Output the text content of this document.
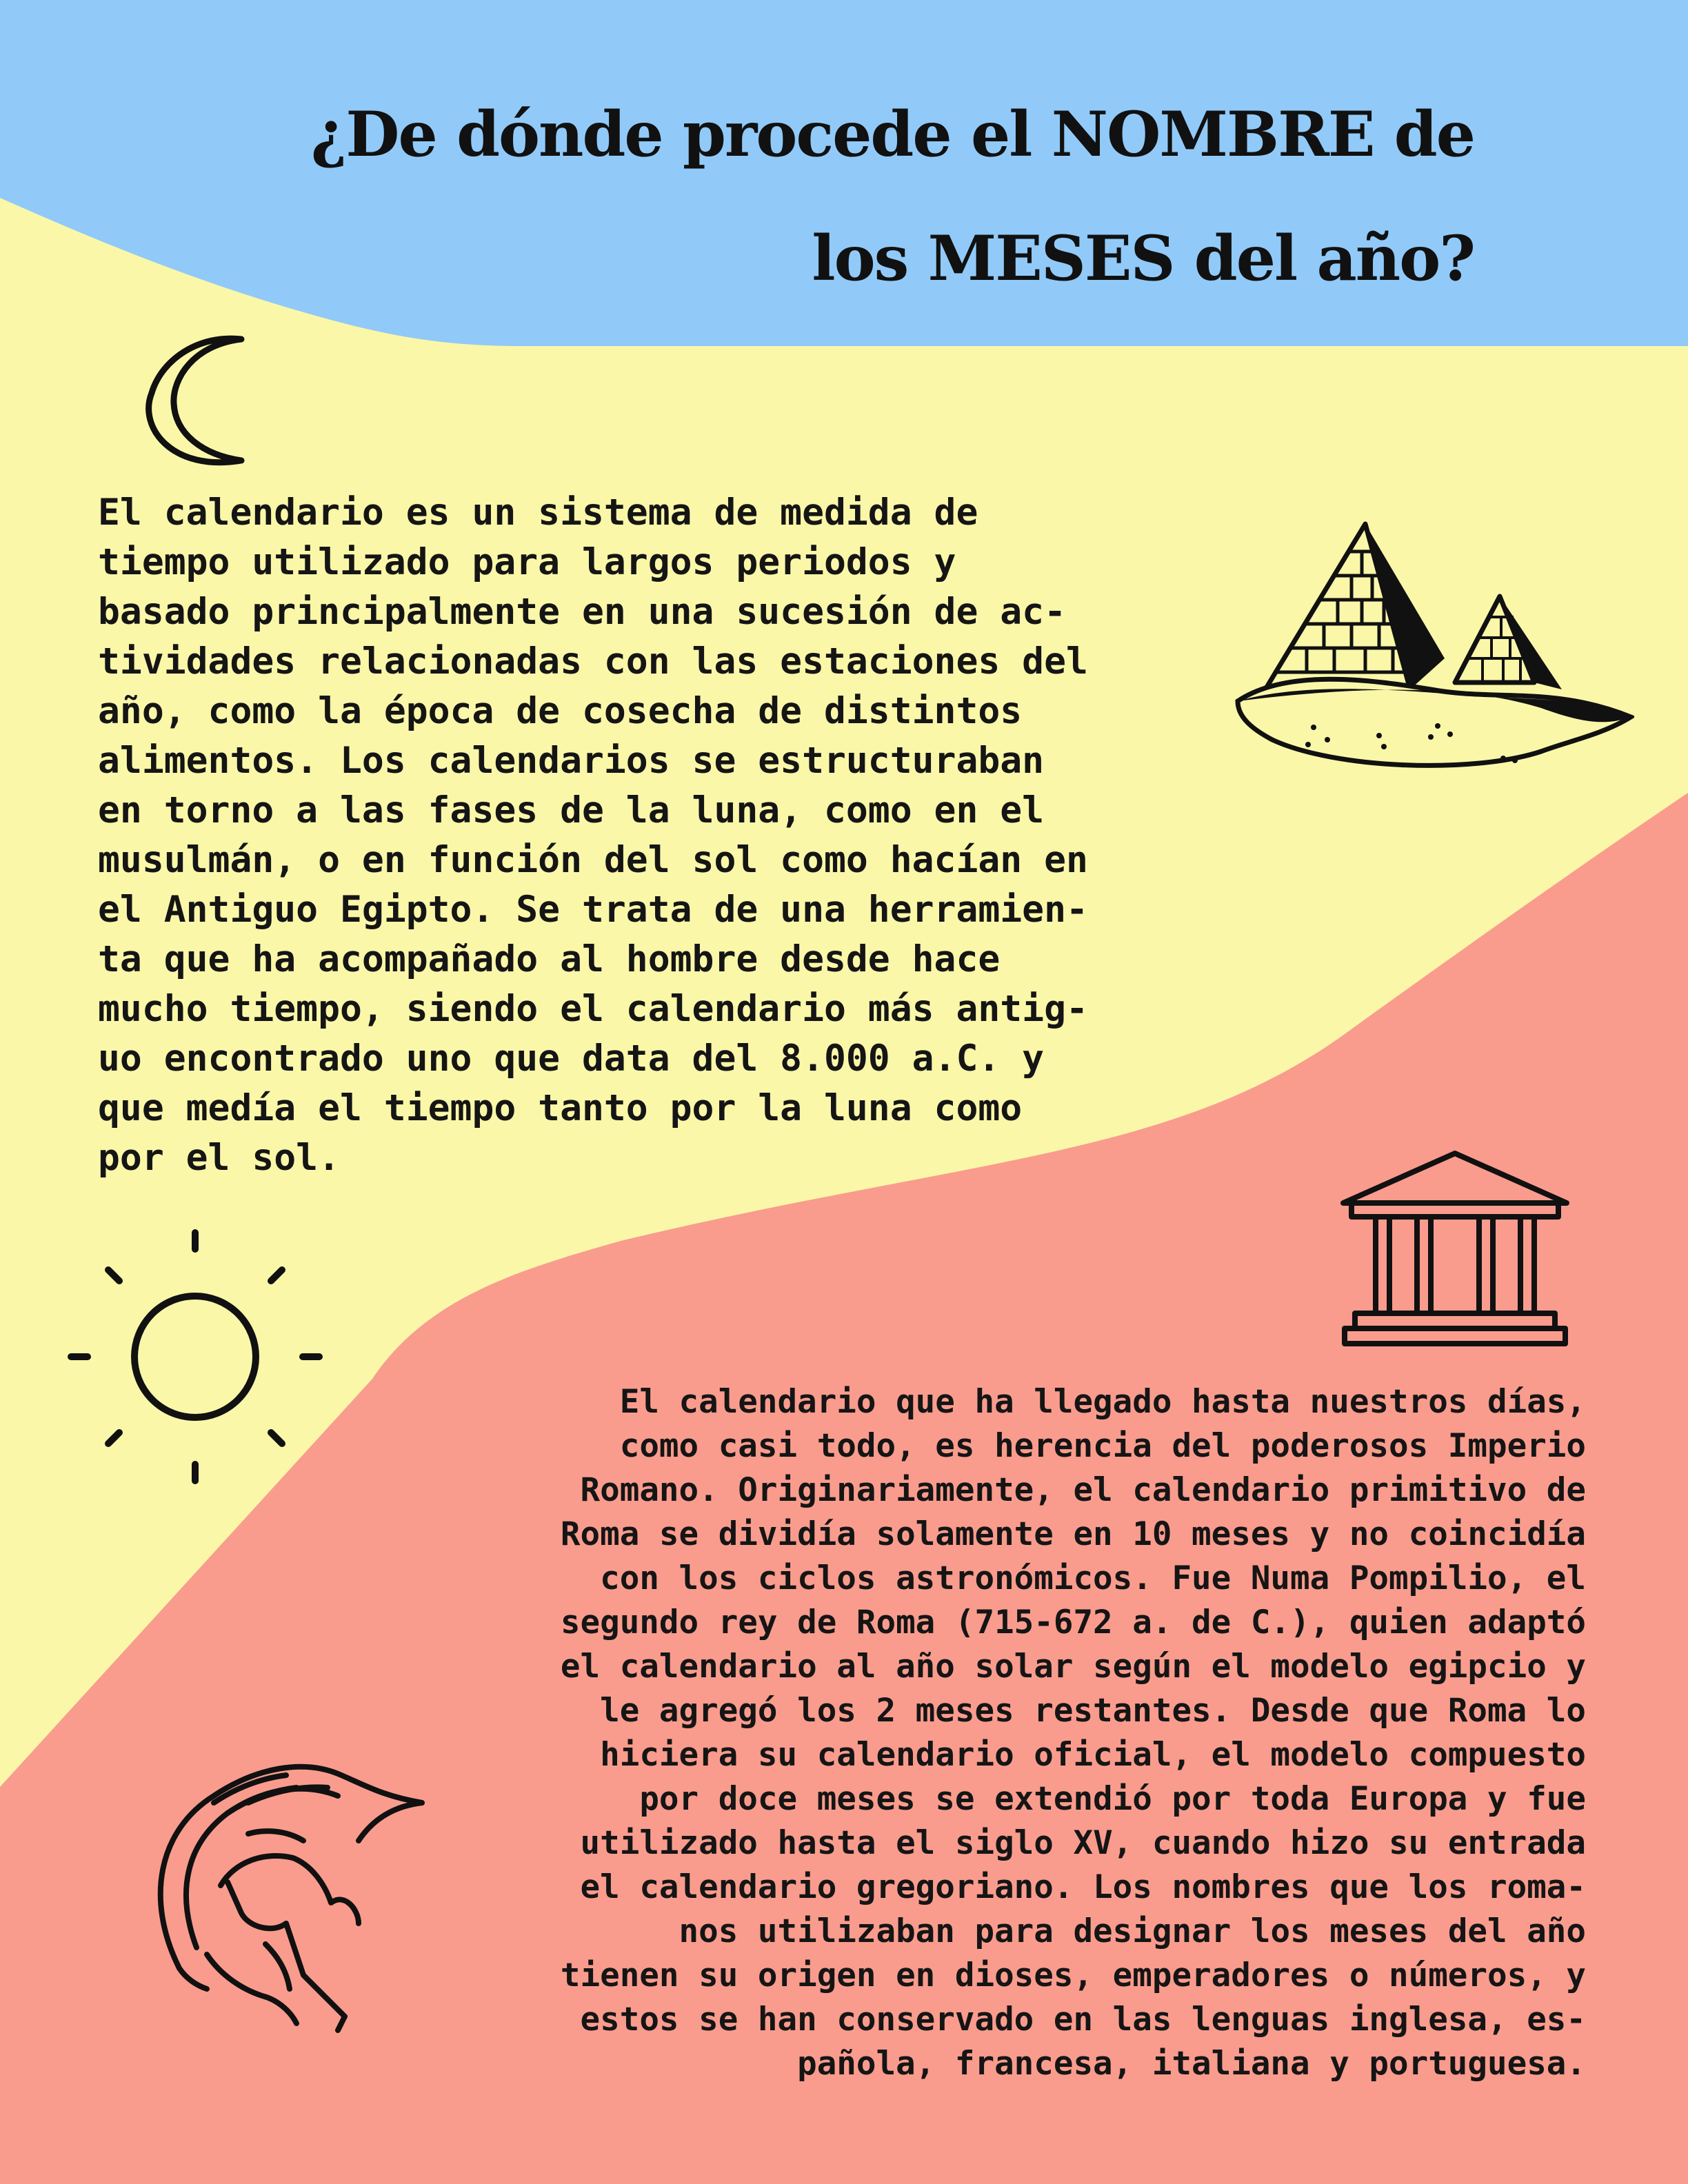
¿De dónde procede el NOMBRE de
los MESES del año?

El calendario es un sistema de medida de
tiempo utilizado para largos periodos y
basado principalmente en una sucesión de ac-
tividades relacionadas con las estaciones del
año, como la época de cosecha de distintos
alimentos. Los calendarios se estructuraban
en torno a las fases de la luna, como en el
musulmán, o en función del sol como hacían en
el Antiguo Egipto. Se trata de una herramien-
ta que ha acompañado al hombre desde hace
mucho tiempo, siendo el calendario más antig-
uo encontrado uno que data del 8.000 a.C. y
que medía el tiempo tanto por la luna como
por el sol.

El calendario que ha llegado hasta nuestros días,
como casi todo, es herencia del poderosos Imperio
Romano. Originariamente, el calendario primitivo de
Roma se dividía solamente en 10 meses y no coincidía
con los ciclos astronómicos. Fue Numa Pompilio, el
segundo rey de Roma (715-672 a. de C.), quien adaptó
el calendario al año solar según el modelo egipcio y
le agregó los 2 meses restantes. Desde que Roma lo
hiciera su calendario oficial, el modelo compuesto
por doce meses se extendió por toda Europa y fue
utilizado hasta el siglo XV, cuando hizo su entrada
el calendario gregoriano. Los nombres que los roma-
nos utilizaban para designar los meses del año
tienen su origen en dioses, emperadores o números, y
estos se han conservado en las lenguas inglesa, es-
pañola, francesa, italiana y portuguesa.
